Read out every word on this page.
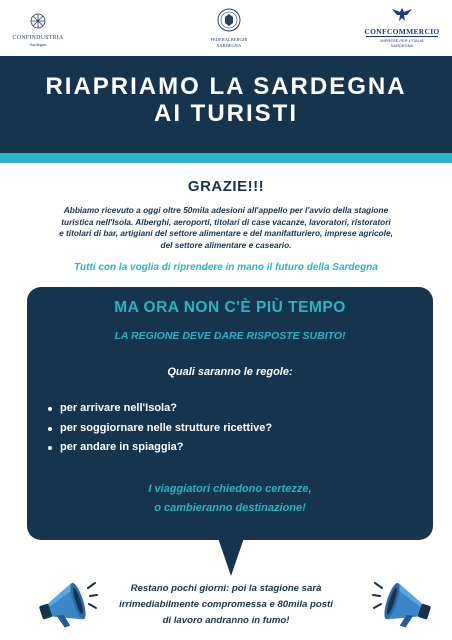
CONFINDUSTRIA
Sardegna
FEDERALBERGHI
SARDEGNA
CONFCOMMERCIO
IMPRESE PER L'ITALIA
SARDEGNA
RIAPRIAMO LA SARDEGNA
AI TURISTI
GRAZIE!!!
Abbiamo ricevuto a oggi oltre 50mila adesioni all'appello per l'avvio della stagione
turistica nell'Isola. Alberghi, aeroporti, titolari di case vacanze, lavoratori, ristoratori
e titolari di bar, artigiani del settore alimentare e del manifatturiero, imprese agricole,
del settore alimentare e caseario.
Tutti con la voglia di riprendere in mano il futuro della Sardegna
MA ORA NON C'È PIÙ TEMPO
LA REGIONE DEVE DARE RISPOSTE SUBITO!
Quali saranno le regole:
per arrivare nell'Isola?
per soggiornare nelle strutture ricettive?
per andare in spiaggia?
I viaggiatori chiedono certezze,
o cambieranno destinazione!
Restano pochi giorni: poi la stagione sarà
irrimediabilmente compromessa e 80mila posti
di lavoro andranno in fumo!
